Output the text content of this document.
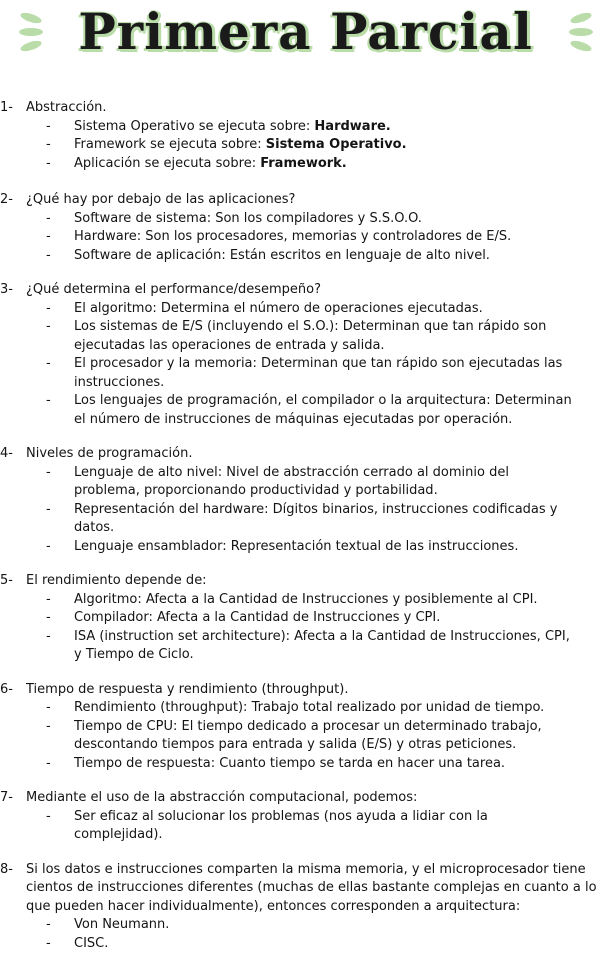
Primera Parcial
1-	Abstracción.
-	Sistema Operativo se ejecuta sobre: Hardware.
-	Framework se ejecuta sobre: Sistema Operativo.
-	Aplicación se ejecuta sobre: Framework.
2-	¿Qué hay por debajo de las aplicaciones?
-	Software de sistema: Son los compiladores y S.S.O.O.
-	Hardware: Son los procesadores, memorias y controladores de E/S.
-	Software de aplicación: Están escritos en lenguaje de alto nivel.
3-	¿Qué determina el performance/desempeño?
-	El algoritmo: Determina el número de operaciones ejecutadas.
-	Los sistemas de E/S (incluyendo el S.O.): Determinan que tan rápido son ejecutadas las operaciones de entrada y salida.
-	El procesador y la memoria: Determinan que tan rápido son ejecutadas las instrucciones.
-	Los lenguajes de programación, el compilador o la arquitectura: Determinan el número de instrucciones de máquinas ejecutadas por operación.
4-	Niveles de programación.
-	Lenguaje de alto nivel: Nivel de abstracción cerrado al dominio del problema, proporcionando productividad y portabilidad.
-	Representación del hardware: Dígitos binarios, instrucciones codificadas y datos.
-	Lenguaje ensamblador: Representación textual de las instrucciones.
5-	El rendimiento depende de:
-	Algoritmo: Afecta a la Cantidad de Instrucciones y posiblemente al CPI.
-	Compilador: Afecta a la Cantidad de Instrucciones y CPI.
-	ISA (instruction set architecture): Afecta a la Cantidad de Instrucciones, CPI, y Tiempo de Ciclo.
6-	Tiempo de respuesta y rendimiento (throughput).
-	Rendimiento (throughput): Trabajo total realizado por unidad de tiempo.
-	Tiempo de CPU: El tiempo dedicado a procesar un determinado trabajo, descontando tiempos para entrada y salida (E/S) y otras peticiones.
-	Tiempo de respuesta: Cuanto tiempo se tarda en hacer una tarea.
7-	Mediante el uso de la abstracción computacional, podemos:
-	Ser eficaz al solucionar los problemas (nos ayuda a lidiar con la complejidad).
8-	Si los datos e instrucciones comparten la misma memoria, y el microprocesador tiene cientos de instrucciones diferentes (muchas de ellas bastante complejas en cuanto a lo que pueden hacer individualmente), entonces corresponden a arquitectura:
-	Von Neumann.
-	CISC.
